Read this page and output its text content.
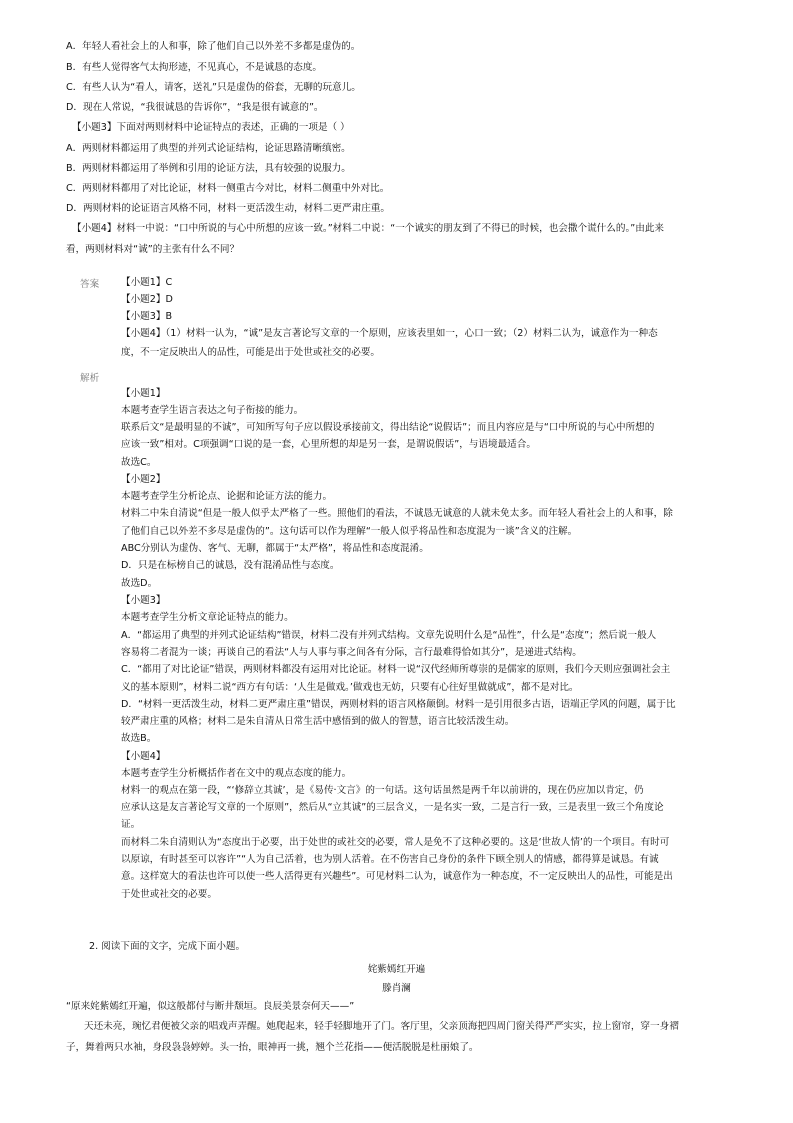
A．年轻人看社会上的人和事，除了他们自己以外差不多都是虚伪的。
B．有些人觉得客气太拘形迹，不见真心，不是诚恳的态度。
C．有些人认为“看人，请客，送礼”只是虚伪的俗套，无聊的玩意儿。
D．现在人常说，“我很诚恳的告诉你”，“我是很有诚意的”。
【小题3】下面对两则材料中论证特点的表述，正确的一项是（ ）
A．两则材料都运用了典型的并列式论证结构，论证思路清晰缜密。
B．两则材料都运用了举例和引用的论证方法，具有较强的说服力。
C．两则材料都用了对比论证，材料一侧重古今对比，材料二侧重中外对比。
D．两则材料的论证语言风格不同，材料一更活泼生动，材料二更严肃庄重。
【小题4】材料一中说：“口中所说的与心中所想的应该一致。”材料二中说：“一个诚实的朋友到了不得已的时候，也会撒个谎什么的。”由此来
看，两则材料对“诚”的主张有什么不同？
答案 【小题1】C
【小题2】D
【小题3】B
【小题4】（1）材料一认为，“诚”是友言著论写文章的一个原则，应该表里如一，心口一致；（2）材料二认为，诚意作为一种态
度，不一定反映出人的品性，可能是出于处世或社交的必要。
解析
【小题1】
本题考查学生语言表达之句子衔接的能力。
联系后文“是最明显的不诚”，可知所写句子应以假设承接前文，得出结论“说假话”；而且内容应是与“口中所说的与心中所想的
应该一致”相对。C项强调“口说的是一套，心里所想的却是另一套，是谓说假话”，与语境最适合。
故选C。
【小题2】
本题考查学生分析论点、论据和论证方法的能力。
材料二中朱自清说“但是一般人似乎太严格了一些。照他们的看法，不诚恳无诚意的人就未免太多。而年轻人看社会上的人和事，除
了他们自己以外差不多尽是虚伪的”。这句话可以作为理解“一般人似乎将品性和态度混为一谈”含义的注解。
ABC分别认为虚伪、客气、无聊，都属于“太严格”，将品性和态度混淆。
D．只是在标榜自己的诚恳，没有混淆品性与态度。
故选D。
【小题3】
本题考查学生分析文章论证特点的能力。
A．“都运用了典型的并列式论证结构”错误，材料二没有并列式结构。文章先说明什么是“品性”，什么是“态度”；然后说一般人
容易将二者混为一谈；再谈自己的看法“人与人事与事之间各有分际，言行最难得恰如其分”，是递进式结构。
C．“都用了对比论证”错误，两则材料都没有运用对比论证。材料一说“汉代经师所尊崇的是儒家的原则，我们今天则应强调社会主
义的基本原则”，材料二说“西方有句话：‘人生是做戏。’做戏也无妨，只要有心往好里做就成”，都不是对比。
D．“材料一更活泼生动，材料二更严肃庄重”错误，两则材料的语言风格颠倒。材料一是引用很多古语，语端正学风的问题，属于比
较严肃庄重的风格；材料二是朱自清从日常生活中感悟到的做人的智慧，语言比较活泼生动。
故选B。
【小题4】
本题考查学生分析概括作者在文中的观点态度的能力。
材料一的观点在第一段，“‘修辞立其诚’，是《易传·文言》的一句话。这句话虽然是两千年以前讲的，现在仍应加以肯定，仍
应承认这是友言著论写文章的一个原则”，然后从“立其诚”的三层含义，一是名实一致，二是言行一致，三是表里一致三个角度论
证。
而材料二朱自清则认为“态度出于必要，出于处世的或社交的必要，常人是免不了这种必要的。这是‘世故人情’的一个项目。有时可
以原谅，有时甚至可以容许”“人为自己活着，也为别人活着。在不伤害自己身份的条件下顾全别人的情感，都得算是诚恳。有诚
意。这样宽大的看法也许可以使一些人活得更有兴趣些”。可见材料二认为，诚意作为一种态度，不一定反映出人的品性，可能是出
于处世或社交的必要。
2. 阅读下面的文字，完成下面小题。
姹紫嫣红开遍
滕肖澜
“原来姹紫嫣红开遍，似这般都付与断井颓垣。良辰美景奈何天——”
天还未亮，琬忆君便被父亲的唱戏声弄醒。她爬起来，轻手轻脚地开了门。客厅里，父亲顶海把四周门窗关得严严实实，拉上窗帘，穿一身褶
子，舞着两只水袖，身段袅袅婷婷。头一抬，眼神再一挑，翘个兰花指——便活脱脱是杜丽娘了。
